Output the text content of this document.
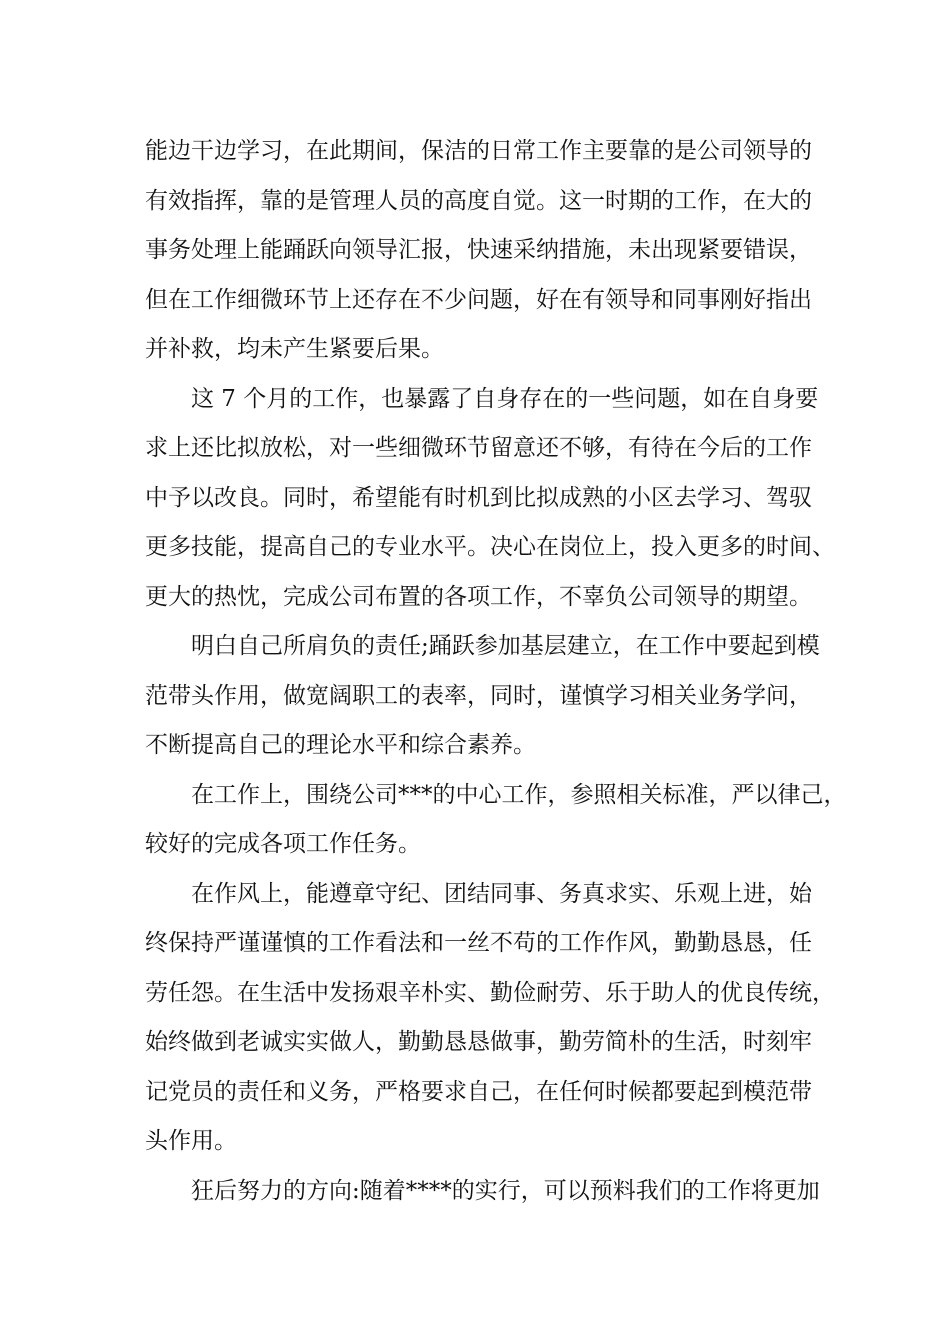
能边干边学习，在此期间，保洁的日常工作主要靠的是公司领导的
有效指挥，靠的是管理人员的高度自觉。这一时期的工作，在大的
事务处理上能踊跃向领导汇报，快速采纳措施，未出现紧要错误，
但在工作细微环节上还存在不少问题，好在有领导和同事刚好指出
并补救，均未产生紧要后果。
这 7 个月的工作，也暴露了自身存在的一些问题，如在自身要
求上还比拟放松，对一些细微环节留意还不够，有待在今后的工作
中予以改良。同时，希望能有时机到比拟成熟的小区去学习、驾驭
更多技能，提高自己的专业水平。决心在岗位上，投入更多的时间、
更大的热忱，完成公司布置的各项工作，不辜负公司领导的期望。
明白自己所肩负的责任;踊跃参加基层建立，在工作中要起到模
范带头作用，做宽阔职工的表率，同时，谨慎学习相关业务学问，
不断提高自己的理论水平和综合素养。
在工作上，围绕公司***的中心工作，参照相关标准，严以律己，
较好的完成各项工作任务。
在作风上，能遵章守纪、团结同事、务真求实、乐观上进，始
终保持严谨谨慎的工作看法和一丝不苟的工作作风，勤勤恳恳，任
劳任怨。在生活中发扬艰辛朴实、勤俭耐劳、乐于助人的优良传统，
始终做到老诚实实做人，勤勤恳恳做事，勤劳简朴的生活，时刻牢
记党员的责任和义务，严格要求自己，在任何时候都要起到模范带
头作用。
狂后努力的方向:随着****的实行，可以预料我们的工作将更加
